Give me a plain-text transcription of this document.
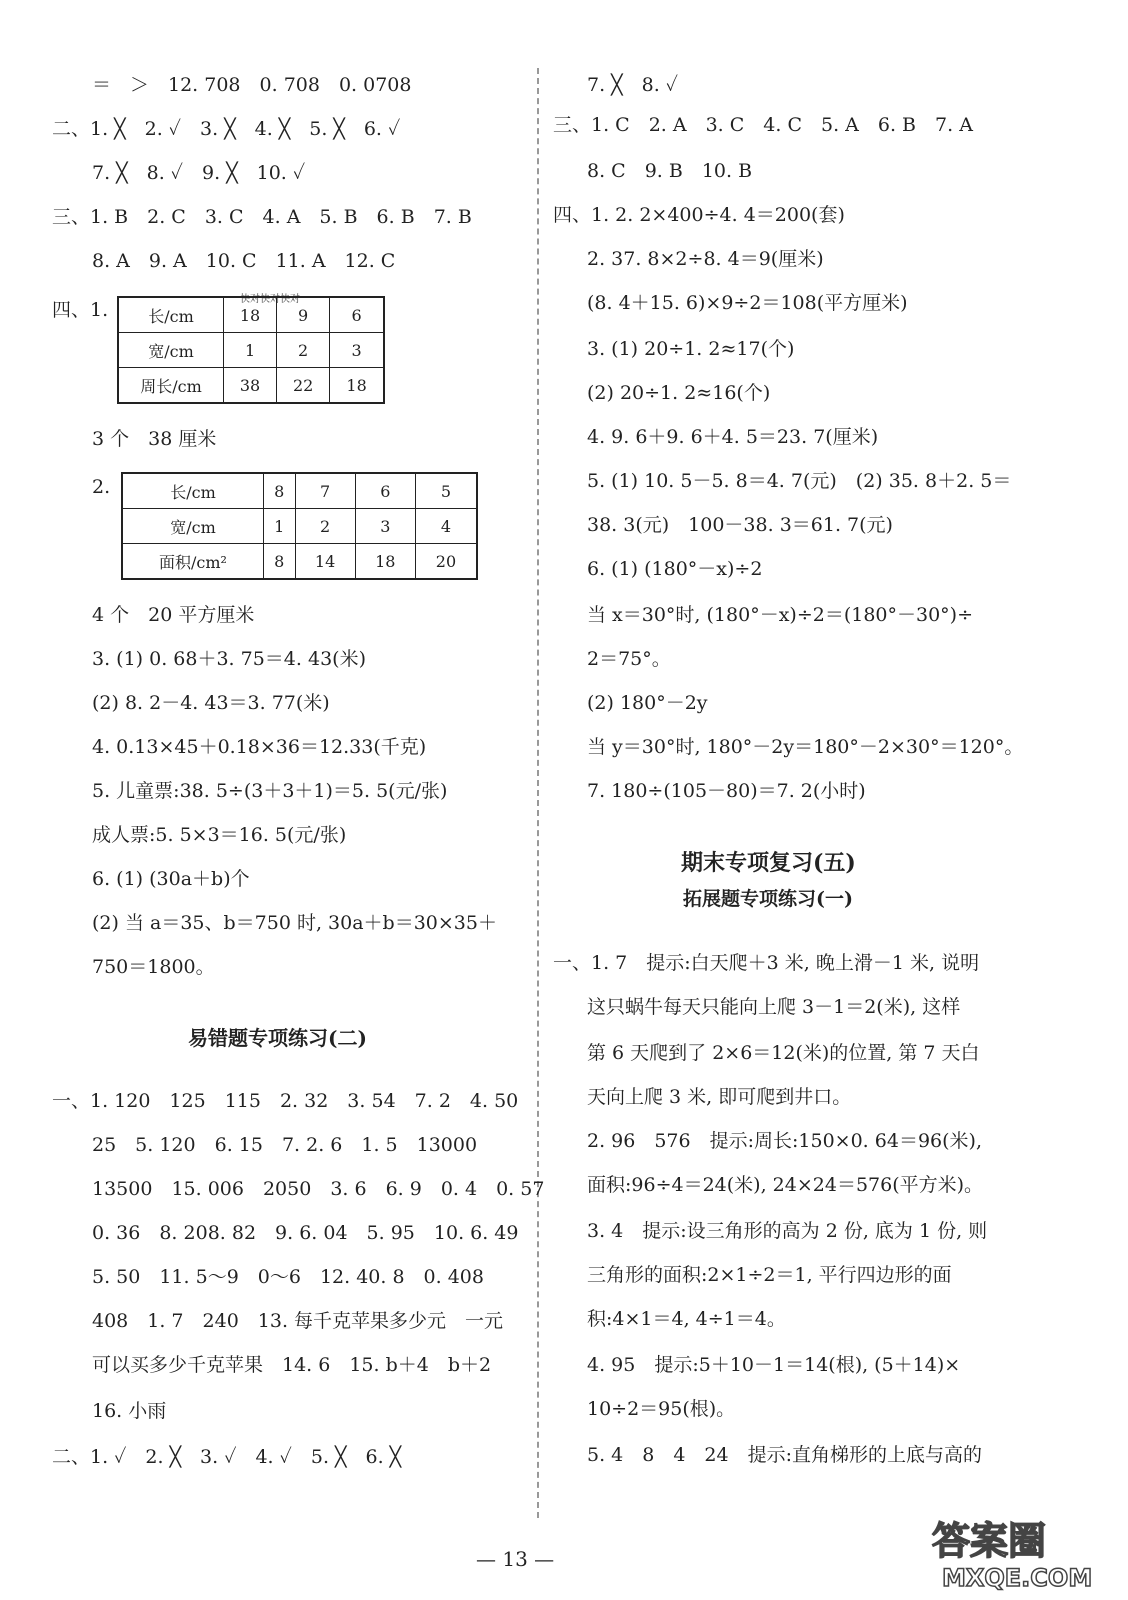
＝　＞　12. 708　0. 708　0. 0708
二、1. ╳　2. ✓　3. ╳　4. ╳　5. ╳　6. ✓
7. ╳　8. ✓　9. ╳　10. ✓
三、1. B　2. C　3. C　4. A　5. B　6. B　7. B
8. A　9. A　10. C　11. A　12. C
快对快对快对
四、1.	长/cm	18	9	6
宽/cm	1	2	3
周长/cm	38	22	18
3 个　38 厘米
2.	长/cm	8	7	6	5
宽/cm	1	2	3	4
面积/cm²	8	14	18	20
4 个　20 平方厘米
3. (1) 0. 68＋3. 75＝4. 43(米)
(2) 8. 2－4. 43＝3. 77(米)
4. 0.13×45＋0.18×36＝12.33(千克)
5. 儿童票:38. 5÷(3＋3＋1)＝5. 5(元/张)
成人票:5. 5×3＝16. 5(元/张)
6. (1) (30a＋b)个
(2) 当 a＝35、b＝750 时, 30a＋b＝30×35＋
750＝1800。
易错题专项练习(二)
一、1. 120　125　115　2. 32　3. 54　7. 2　4. 50
25　5. 120　6. 15　7. 2. 6　1. 5　13000
13500　15. 006　2050　3. 6　6. 9　0. 4　0. 57
0. 36　8. 208. 82　9. 6. 04　5. 95　10. 6. 49
5. 50　11. 5～9　0～6　12. 40. 8　0. 408
408　1. 7　240　13. 每千克苹果多少元　一元
可以买多少千克苹果　14. 6　15. b＋4　b＋2
16. 小雨
二、1. ✓　2. ╳　3. ✓　4. ✓　5. ╳　6. ╳
7. ╳　8. ✓
三、1. C　2. A　3. C　4. C　5. A　6. B　7. A
8. C　9. B　10. B
四、1. 2. 2×400÷4. 4＝200(套)
2. 37. 8×2÷8. 4＝9(厘米)
(8. 4＋15. 6)×9÷2＝108(平方厘米)
3. (1) 20÷1. 2≈17(个)
(2) 20÷1. 2≈16(个)
4. 9. 6＋9. 6＋4. 5＝23. 7(厘米)
5. (1) 10. 5－5. 8＝4. 7(元)　(2) 35. 8＋2. 5＝
38. 3(元)　100－38. 3＝61. 7(元)
6. (1) (180°－x)÷2
当 x＝30°时, (180°－x)÷2＝(180°－30°)÷
2＝75°。
(2) 180°－2y
当 y＝30°时, 180°－2y＝180°－2×30°＝120°。
7. 180÷(105－80)＝7. 2(小时)
期末专项复习(五)
拓展题专项练习(一)
一、1. 7　提示:白天爬＋3 米, 晚上滑－1 米, 说明
这只蜗牛每天只能向上爬 3－1＝2(米), 这样
第 6 天爬到了 2×6＝12(米)的位置, 第 7 天白
天向上爬 3 米, 即可爬到井口。
2. 96　576　提示:周长:150×0. 64＝96(米),
面积:96÷4＝24(米), 24×24＝576(平方米)。
3. 4　提示:设三角形的高为 2 份, 底为 1 份, 则
三角形的面积:2×1÷2＝1, 平行四边形的面
积:4×1＝4, 4÷1＝4。
4. 95　提示:5＋10－1＝14(根), (5＋14)×
10÷2＝95(根)。
5. 4　8　4　24　提示:直角梯形的上底与高的
— 13 —	答案圈
MXQE.COM
